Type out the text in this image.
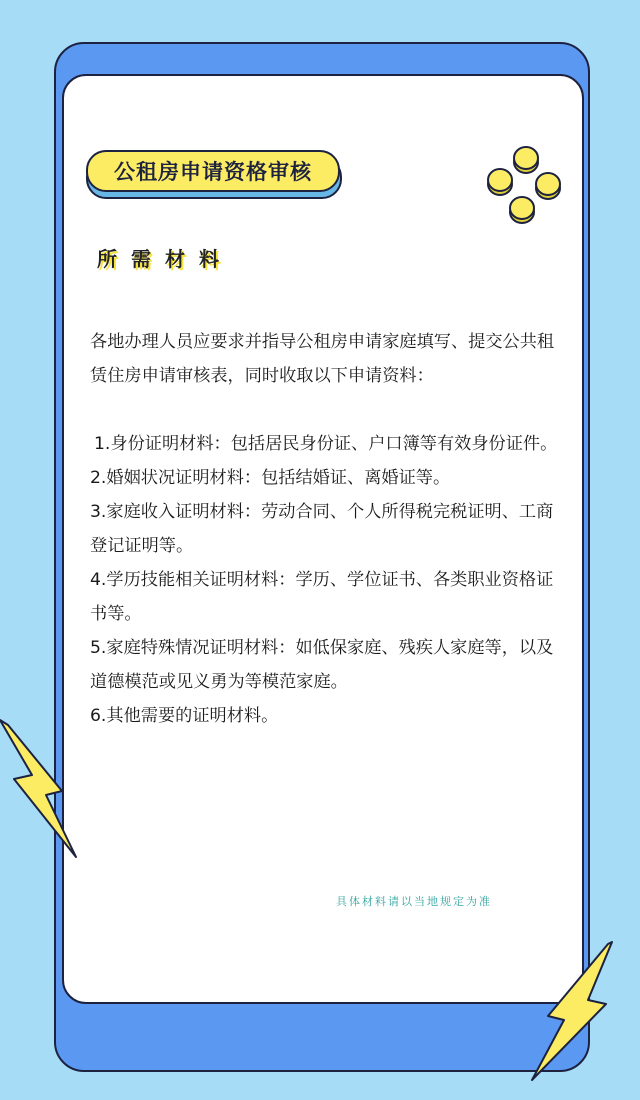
公租房申请资格审核
所需材料

各地办理人员应要求并指导公租房申请家庭填写、提交公共租赁住房申请审核表，同时收取以下申请资料：

1.身份证明材料：包括居民身份证、户口簿等有效身份证件。

2.婚姻状况证明材料：包括结婚证、离婚证等。

3.家庭收入证明材料：劳动合同、个人所得税完税证明、工商登记证明等。

4.学历技能相关证明材料：学历、学位证书、各类职业资格证书等。

5.家庭特殊情况证明材料：如低保家庭、残疾人家庭等，以及道德模范或见义勇为等模范家庭。

6.其他需要的证明材料。

具体材料请以当地规定为准
